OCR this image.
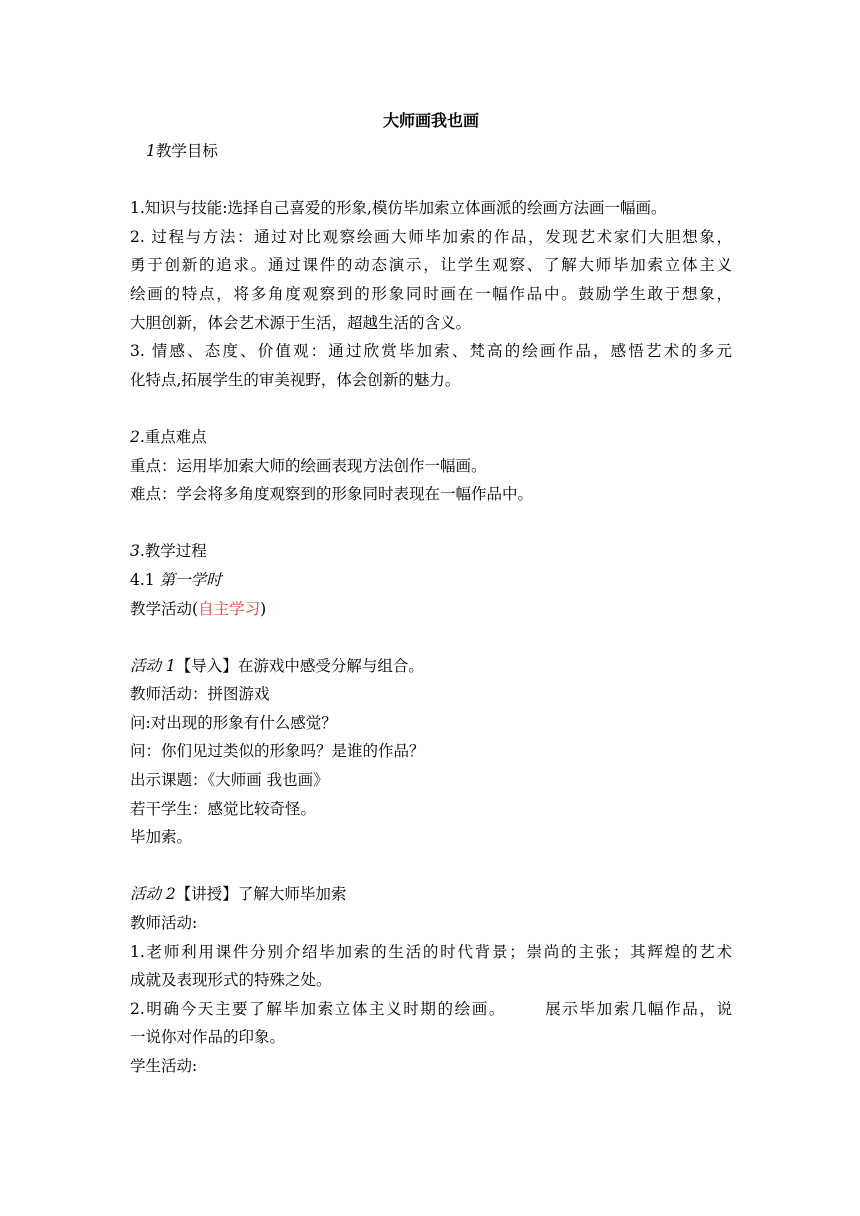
大师画我也画
1教学目标
1.知识与技能:选择自己喜爱的形象,模仿毕加索立体画派的绘画方法画一幅画。
2. 过程与方法：通过对比观察绘画大师毕加索的作品，发现艺术家们大胆想象，
勇于创新的追求。通过课件的动态演示，让学生观察、了解大师毕加索立体主义
绘画的特点，将多角度观察到的形象同时画在一幅作品中。鼓励学生敢于想象，
大胆创新，体会艺术源于生活，超越生活的含义。
3. 情感、态度、价值观：通过欣赏毕加索、梵高的绘画作品，感悟艺术的多元
化特点,拓展学生的审美视野，体会创新的魅力。
2.重点难点
重点：运用毕加索大师的绘画表现方法创作一幅画。
难点：学会将多角度观察到的形象同时表现在一幅作品中。
3.教学过程
4.1 第一学时
教学活动(自主学习)
活动 1【导入】在游戏中感受分解与组合。
教师活动：拼图游戏
问:对出现的形象有什么感觉？
问：你们见过类似的形象吗？是谁的作品？
出示课题：《大师画 我也画》
若干学生：感觉比较奇怪。
毕加索。
活动 2【讲授】了解大师毕加索
教师活动:
1.老师利用课件分别介绍毕加索的生活的时代背景；崇尚的主张；其辉煌的艺术
成就及表现形式的特殊之处。
2.明确今天主要了解毕加索立体主义时期的绘画。      展示毕加索几幅作品，说
一说你对作品的印象。
学生活动:
